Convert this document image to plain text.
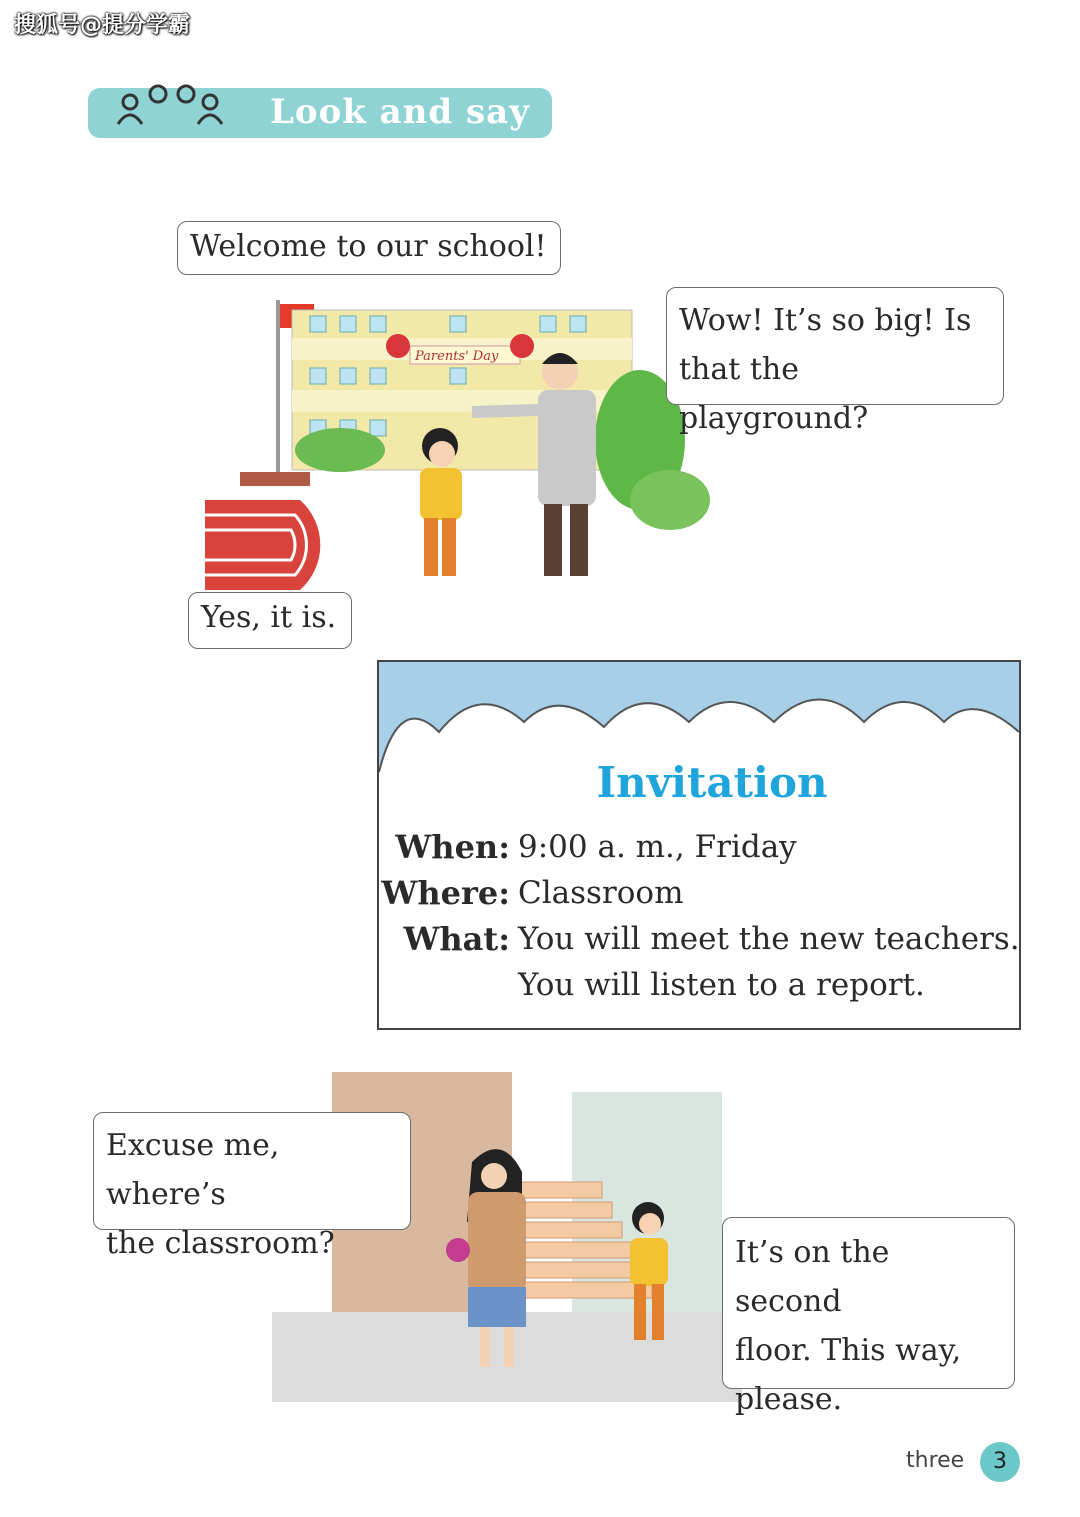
搜狐号@提分学霸
Look and say
Parents' Day
Welcome to our school!
Wow! It’s so big! Is
that the playground?
Yes, it is.
Invitation
When: 9:00 a. m., Friday
Where: Classroom
What: You will meet the new teachers.
You will listen to a report.
Excuse me, where’s
the classroom?	It’s on the second
floor. This way,
please.
three	3
